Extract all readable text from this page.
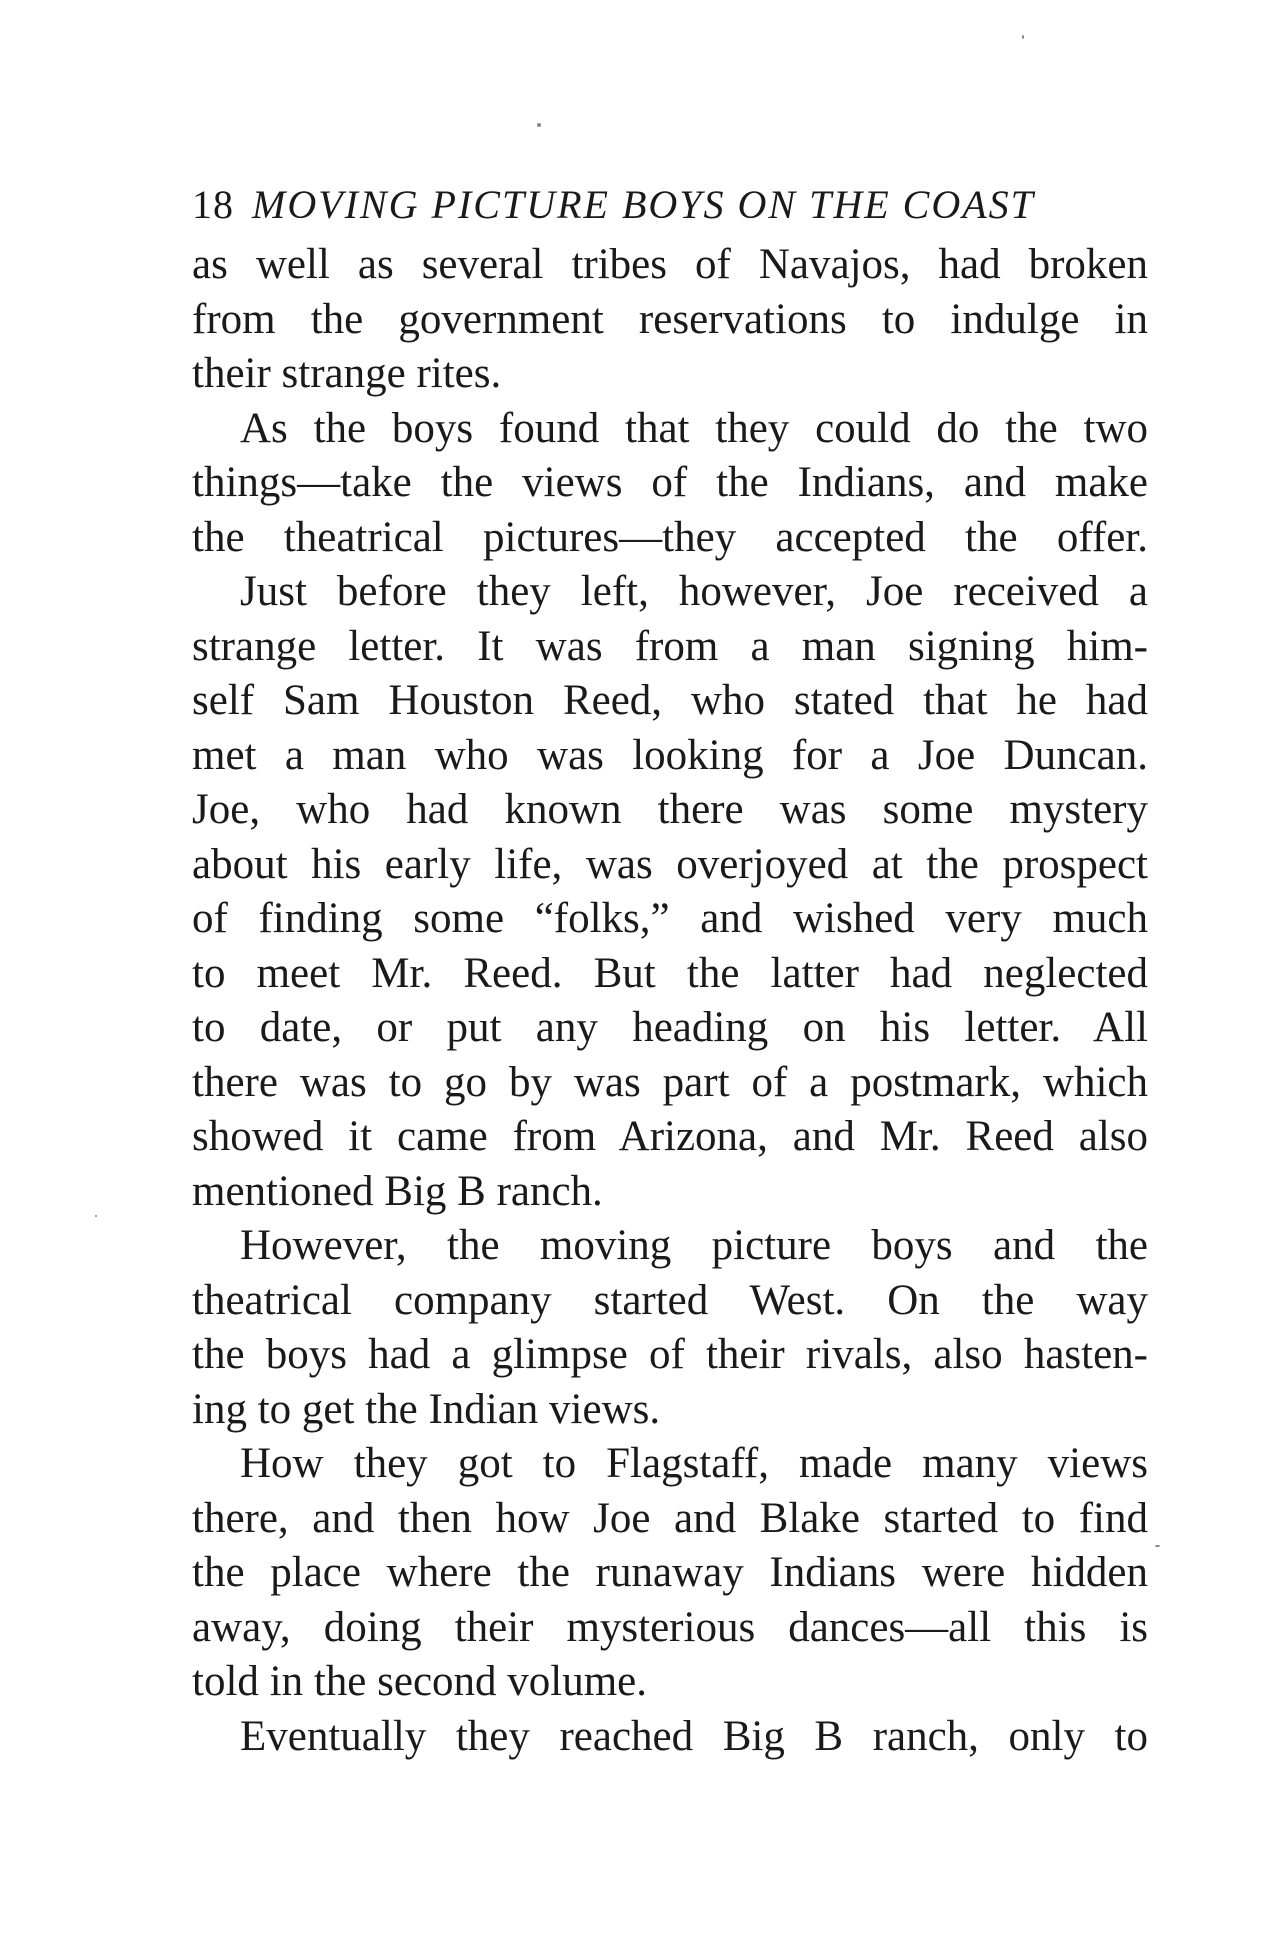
18 MOVING PICTURE BOYS ON THE COAST
as well as several tribes of Navajos, had broken
from the government reservations to indulge in
their strange rites.
As the boys found that they could do the two
things—take the views of the Indians, and make
the theatrical pictures—they accepted the offer.
Just before they left, however, Joe received a
strange letter. It was from a man signing him-
self Sam Houston Reed, who stated that he had
met a man who was looking for a Joe Duncan.
Joe, who had known there was some mystery
about his early life, was overjoyed at the prospect
of finding some “folks,” and wished very much
to meet Mr. Reed. But the latter had neglected
to date, or put any heading on his letter. All
there was to go by was part of a postmark, which
showed it came from Arizona, and Mr. Reed also
mentioned Big B ranch.
However, the moving picture boys and the
theatrical company started West. On the way
the boys had a glimpse of their rivals, also hasten-
ing to get the Indian views.
How they got to Flagstaff, made many views
there, and then how Joe and Blake started to find
the place where the runaway Indians were hidden
away, doing their mysterious dances—all this is
told in the second volume.
Eventually they reached Big B ranch, only to
